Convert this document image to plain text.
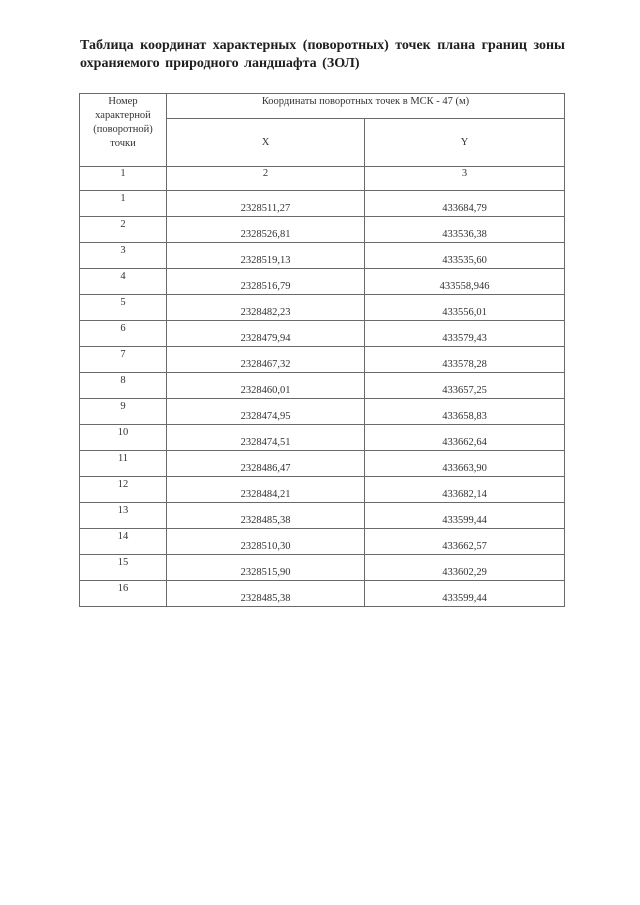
Таблица координат характерных (поворотных) точек плана границ зоны охраняемого природного ландшафта (ЗОЛ)
Номер характерной (поворотной) точки	Координаты поворотных точек в МСК - 47 (м)	
	X	Y
1	2	3
1	2328511,27	433684,79
2	2328526,81	433536,38
3	2328519,13	433535,60
4	2328516,79	433558,946
5	2328482,23	433556,01
6	2328479,94	433579,43
7	2328467,32	433578,28
8	2328460,01	433657,25
9	2328474,95	433658,83
10	2328474,51	433662,64
11	2328486,47	433663,90
12	2328484,21	433682,14
13	2328485,38	433599,44
14	2328510,30	433662,57
15	2328515,90	433602,29
16	2328485,38	433599,44
